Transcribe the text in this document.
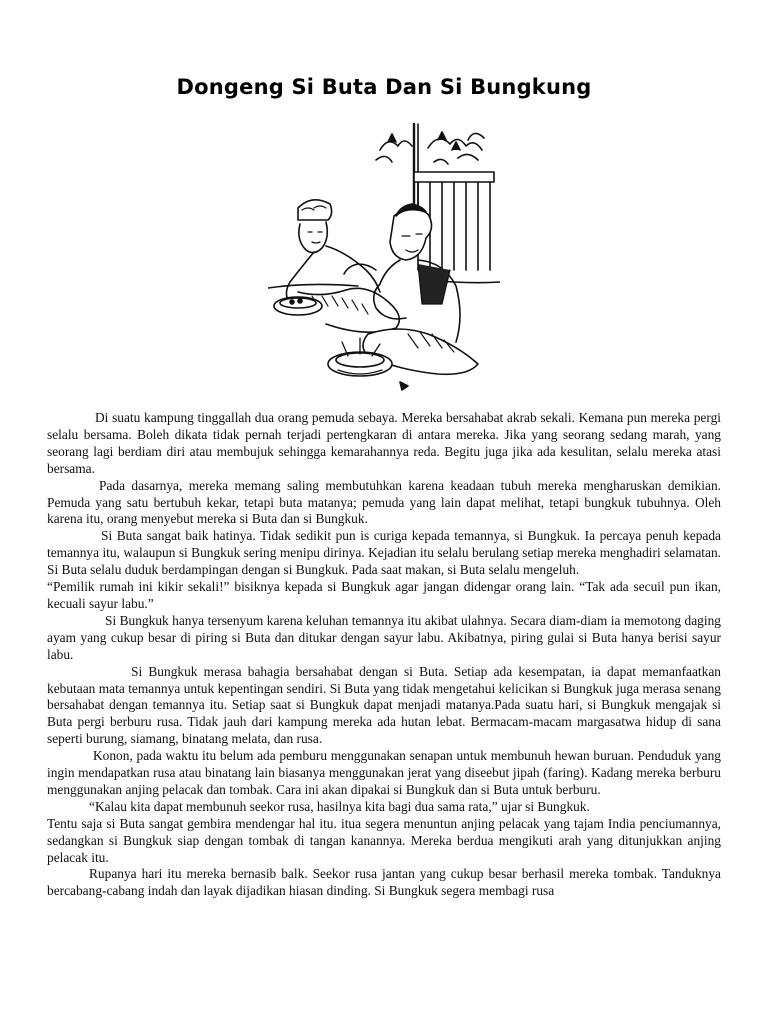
Dongeng Si Buta Dan Si Bungkung

Di suatu kampung tinggallah dua orang pemuda sebaya. Mereka bersahabat akrab sekali. Kemana pun mereka pergi selalu bersama. Boleh dikata tidak pernah terjadi pertengkaran di antara mereka. Jika yang seorang sedang marah, yang seorang lagi berdiam diri atau membujuk sehingga kemarahannya reda. Begitu juga jika ada kesulitan, selalu mereka atasi bersama.

Pada dasarnya, mereka memang saling membutuhkan karena keadaan tubuh mereka mengharuskan demikian. Pemuda yang satu bertubuh kekar, tetapi buta matanya; pemuda yang lain dapat melihat, tetapi bungkuk tubuhnya. Oleh karena itu, orang menyebut mereka si Buta dan si Bungkuk.

Si Buta sangat baik hatinya. Tidak sedikit pun is curiga kepada temannya, si Bungkuk. Ia percaya penuh kepada temannya itu, walaupun si Bungkuk sering menipu dirinya. Kejadian itu selalu berulang setiap mereka menghadiri selamatan. Si Buta selalu duduk berdampingan dengan si Bungkuk. Pada saat makan, si Buta selalu mengeluh.

“Pemilik rumah ini kikir sekali!” bisiknya kepada si Bungkuk agar jangan didengar orang lain. “Tak ada secuil pun ikan, kecuali sayur labu.”

Si Bungkuk hanya tersenyum karena keluhan temannya itu akibat ulahnya. Secara diam-diam ia memotong daging ayam yang cukup besar di piring si Buta dan ditukar dengan sayur labu. Akibatnya, piring gulai si Buta hanya berisi sayur labu.

Si Bungkuk merasa bahagia bersahabat dengan si Buta. Setiap ada kesempatan, ia dapat memanfaatkan kebutaan mata temannya untuk kepentingan sendiri. Si Buta yang tidak mengetahui kelicikan si Bungkuk juga merasa senang bersahabat dengan temannya itu. Setiap saat si Bungkuk dapat menjadi matanya.Pada suatu hari, si Bungkuk mengajak si Buta pergi berburu rusa. Tidak jauh dari kampung mereka ada hutan lebat. Bermacam-macam margasatwa hidup di sana seperti burung, siamang, binatang melata, dan rusa.

Konon, pada waktu itu belum ada pemburu menggunakan senapan untuk membunuh hewan buruan. Penduduk yang ingin mendapatkan rusa atau binatang lain biasanya menggunakan jerat yang diseebut jipah (faring). Kadang mereka berburu menggunakan anjing pelacak dan tombak. Cara ini akan dipakai si Bungkuk dan si Buta untuk berburu.

“Kalau kita dapat membunuh seekor rusa, hasilnya kita bagi dua sama rata,” ujar si Bungkuk.

Tentu saja si Buta sangat gembira mendengar hal itu. itua segera menuntun anjing pelacak yang tajam India penciumannya, sedangkan si Bungkuk siap dengan tombak di tangan kanannya. Mereka berdua mengikuti arah yang ditunjukkan anjing pelacak itu.

Rupanya hari itu mereka bernasib balk. Seekor rusa jantan yang cukup besar berhasil mereka tombak. Tanduknya bercabang-cabang indah dan layak dijadikan hiasan dinding. Si Bungkuk segera membagi rusa
